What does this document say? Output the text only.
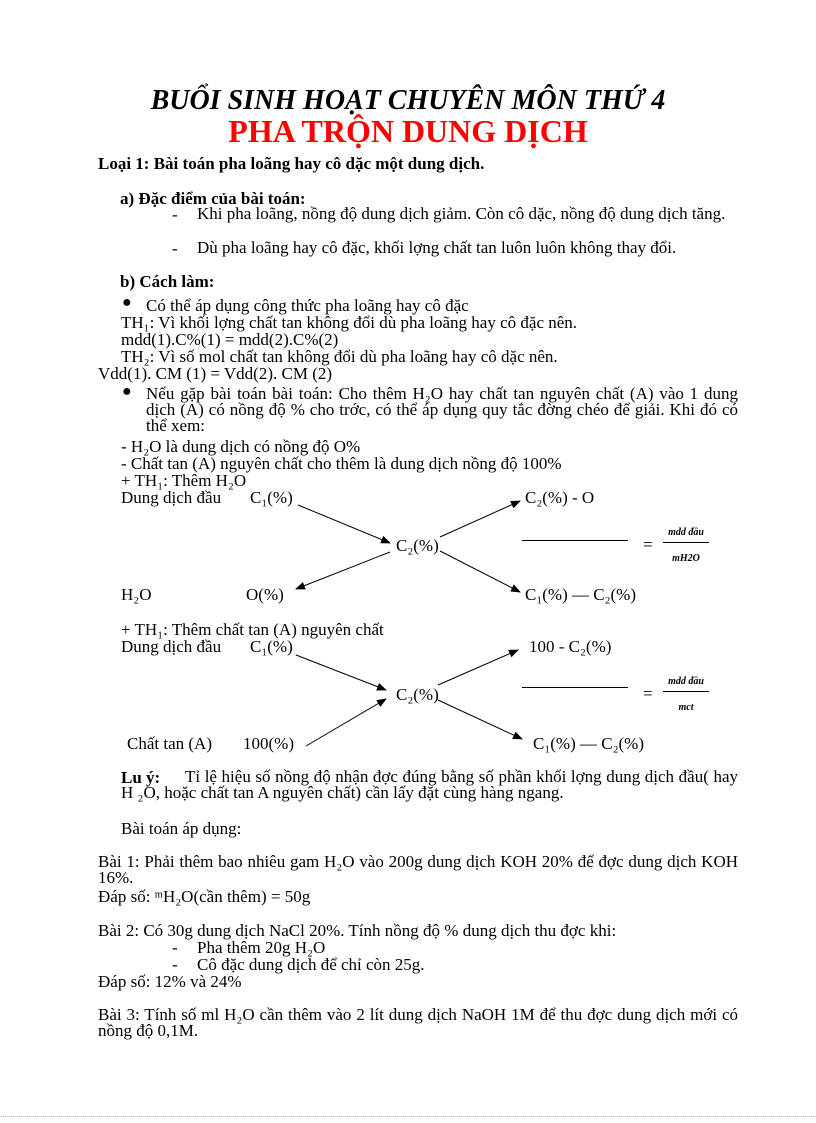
BUỔI SINH HOẠT CHUYÊN MÔN THỨ 4
PHA TRỘN DUNG DỊCH
Loại 1: Bài toán pha loãng hay cô dặc một dung dịch.
a) Đặc điểm của bài toán:
- Khi pha loãng, nồng độ dung dịch giảm. Còn cô dặc, nồng độ dung dịch tăng.
- Dù pha loãng hay cô đặc, khối lợng chất tan luôn luôn không thay đổi.
b) Cách làm:
● Có thể áp dụng công thức pha loãng hay cô đặc
TH₁: Vì khối lợng chất tan không đổi dù pha loãng hay cô đặc nên.
mdd(1).C%(1) = mdd(2).C%(2)
TH₂: Vì số mol chất tan không đổi dù pha loãng hay cô dặc nên.
Vdd(1). CM (1) = Vdd(2). CM (2)
● Nếu gặp bài toán bài toán: Cho thêm H₂O hay chất tan nguyên chất (A) vào 1 dung dịch (A) có nồng độ % cho trớc, có thể áp dụng quy tắc đờng chéo để giải. Khi đó có thể xem:
- H₂O là dung dịch có nồng độ O%
- Chất tan (A) nguyên chất cho thêm là dung dịch nồng độ 100%
+ TH₁: Thêm H₂O
Dung dịch đầu C₁(%)	C₂(%) - O
C₂(%)
H₂O	O(%)	C₁(%) — C₂(%)
=
mdd đầu
mH2O
+ TH₁: Thêm chất tan (A) nguyên chất
Dung dịch đầu C₁(%)	100 - C₂(%)
C₂(%)
Chất tan (A) 100(%)	C₁(%) — C₂(%)
=
mdd đầu
mct
Lu ý:	Tỉ lệ hiệu số nồng độ nhận đợc đúng bằng số phần khối lợng dung dịch đầu( hay H ₂O, hoặc chất tan A nguyên chất) cần lấy đặt cùng hàng ngang.
Bài toán áp dụng:
Bài 1: Phải thêm bao nhiêu gam H₂O vào 200g dung dịch KOH 20% để đợc dung dịch KOH 16%.
Đáp số: ᵐH₂O(cần thêm) = 50g
Bài 2: Có 30g dung dịch NaCl 20%. Tính nồng độ % dung dịch thu đợc khi:
- Pha thêm 20g H₂O
- Cô đặc dung dịch để chỉ còn 25g.
Đáp số: 12% và 24%
Bài 3: Tính số ml H₂O cần thêm vào 2 lít dung dịch NaOH 1M để thu đợc dung dịch mới có nồng độ 0,1M.
